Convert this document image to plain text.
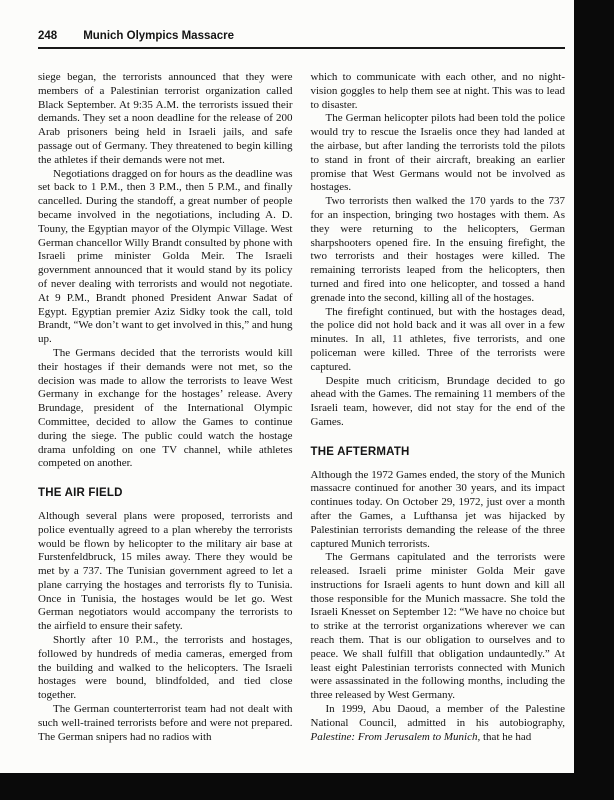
248 Munich Olympics Massacre

siege began, the terrorists announced that they were members of a Palestinian terrorist organization called Black September. At 9:35 A.M. the terrorists issued their demands. They set a noon deadline for the release of 200 Arab prisoners being held in Israeli jails, and safe passage out of Germany. They threatened to begin killing the athletes if their demands were not met.

Negotiations dragged on for hours as the deadline was set back to 1 P.M., then 3 P.M., then 5 P.M., and finally cancelled. During the standoff, a great number of people became involved in the negotiations, including A. D. Touny, the Egyptian mayor of the Olympic Village. West German chancellor Willy Brandt consulted by phone with Israeli prime minister Golda Meir. The Israeli government announced that it would stand by its policy of never dealing with terrorists and would not negotiate. At 9 P.M., Brandt phoned President Anwar Sadat of Egypt. Egyptian premier Aziz Sidky took the call, told Brandt, “We don’t want to get involved in this,” and hung up.

The Germans decided that the terrorists would kill their hostages if their demands were not met, so the decision was made to allow the terrorists to leave West Germany in exchange for the hostages’ release. Avery Brundage, president of the International Olympic Committee, decided to allow the Games to continue during the siege. The public could watch the hostage drama unfolding on one TV channel, while athletes competed on another.

THE AIR FIELD

Although several plans were proposed, terrorists and police eventually agreed to a plan whereby the terrorists would be flown by helicopter to the military air base at Furstenfeldbruck, 15 miles away. There they would be met by a 737. The Tunisian government agreed to let a plane carrying the hostages and terrorists fly to Tunisia. Once in Tunisia, the hostages would be let go. West German negotiators would accompany the terrorists to the airfield to ensure their safety.

Shortly after 10 P.M., the terrorists and hostages, followed by hundreds of media cameras, emerged from the building and walked to the helicopters. The Israeli hostages were bound, blindfolded, and tied close together.

The German counterterrorist team had not dealt with such well-trained terrorists before and were not prepared. The German snipers had no radios with

which to communicate with each other, and no night-vision goggles to help them see at night. This was to lead to disaster.

The German helicopter pilots had been told the police would try to rescue the Israelis once they had landed at the airbase, but after landing the terrorists told the pilots to stand in front of their aircraft, breaking an earlier promise that West Germans would not be involved as hostages.

Two terrorists then walked the 170 yards to the 737 for an inspection, bringing two hostages with them. As they were returning to the helicopters, German sharpshooters opened fire. In the ensuing firefight, the two terrorists and their hostages were killed. The remaining terrorists leaped from the helicopters, then turned and fired into one helicopter, and tossed a hand grenade into the second, killing all of the hostages.

The firefight continued, but with the hostages dead, the police did not hold back and it was all over in a few minutes. In all, 11 athletes, five terrorists, and one policeman were killed. Three of the terrorists were captured.

Despite much criticism, Brundage decided to go ahead with the Games. The remaining 11 members of the Israeli team, however, did not stay for the end of the Games.

THE AFTERMATH

Although the 1972 Games ended, the story of the Munich massacre continued for another 30 years, and its impact continues today. On October 29, 1972, just over a month after the Games, a Lufthansa jet was hijacked by Palestinian terrorists demanding the release of the three captured Munich terrorists.

The Germans capitulated and the terrorists were released. Israeli prime minister Golda Meir gave instructions for Israeli agents to hunt down and kill all those responsible for the Munich massacre. She told the Israeli Knesset on September 12: “We have no choice but to strike at the terrorist organizations wherever we can reach them. That is our obligation to ourselves and to peace. We shall fulfill that obligation undauntedly.” At least eight Palestinian terrorists connected with Munich were assassinated in the following months, including the three released by West Germany.

In 1999, Abu Daoud, a member of the Palestine National Council, admitted in his autobiography, Palestine: From Jerusalem to Munich, that he had
